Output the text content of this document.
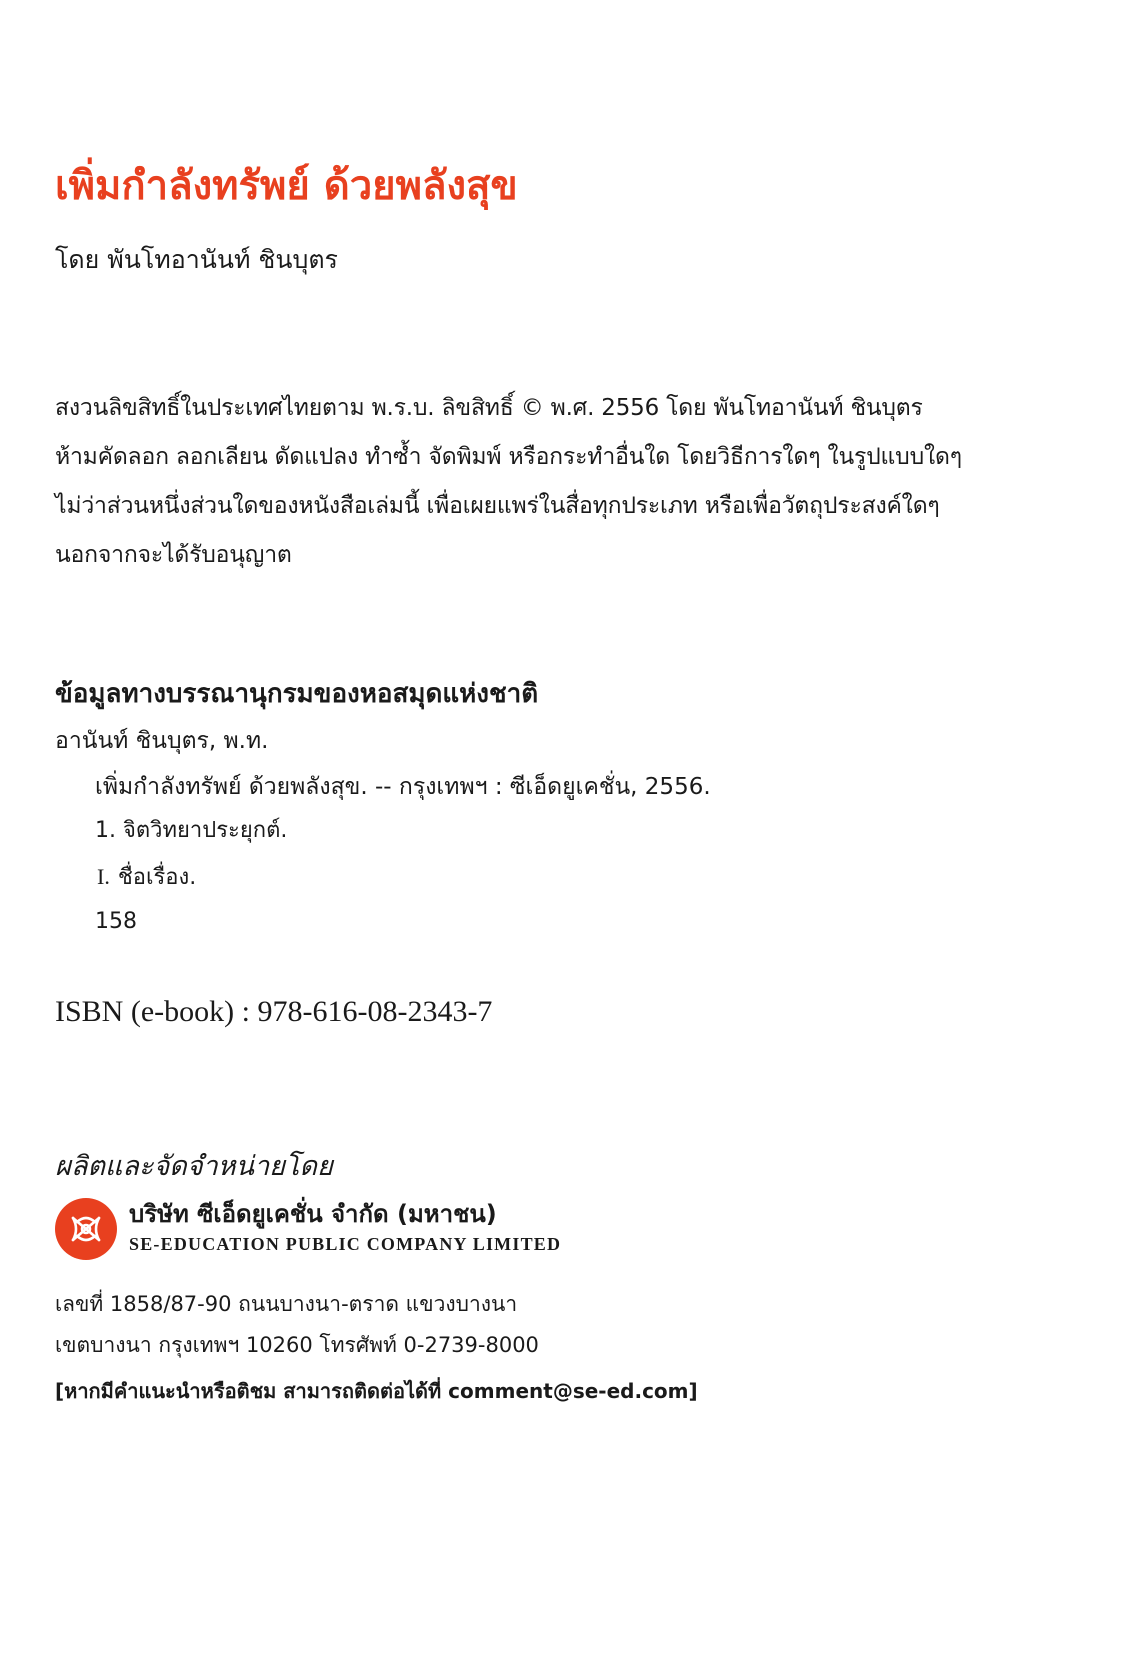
เพิ่มกำลังทรัพย์ ด้วยพลังสุข
โดย พันโทอานันท์ ชินบุตร
สงวนลิขสิทธิ์ในประเทศไทยตาม พ.ร.บ. ลิขสิทธิ์ © พ.ศ. 2556 โดย พันโทอานันท์ ชินบุตร
ห้ามคัดลอก ลอกเลียน ดัดแปลง ทำซ้ำ จัดพิมพ์ หรือกระทำอื่นใด โดยวิธีการใดๆ ในรูปแบบใดๆ
ไม่ว่าส่วนหนึ่งส่วนใดของหนังสือเล่มนี้ เพื่อเผยแพร่ในสื่อทุกประเภท หรือเพื่อวัตถุประสงค์ใดๆ
นอกจากจะได้รับอนุญาต
ข้อมูลทางบรรณานุกรมของหอสมุดแห่งชาติ
อานันท์ ชินบุตร, พ.ท.
เพิ่มกำลังทรัพย์ ด้วยพลังสุข. -- กรุงเทพฯ : ซีเอ็ดยูเคชั่น, 2556.
1. จิตวิทยาประยุกต์.
I. ชื่อเรื่อง.
158
ISBN (e-book) : 978-616-08-2343-7
ผลิตและจัดจำหน่ายโดย
บริษัท ซีเอ็ดยูเคชั่น จำกัด (มหาชน)
SE-EDUCATION PUBLIC COMPANY LIMITED
เลขที่ 1858/87-90 ถนนบางนา-ตราด แขวงบางนา
เขตบางนา กรุงเทพฯ 10260 โทรศัพท์ 0-2739-8000
[หากมีคำแนะนำหรือติชม สามารถติดต่อได้ที่ comment@se-ed.com]
